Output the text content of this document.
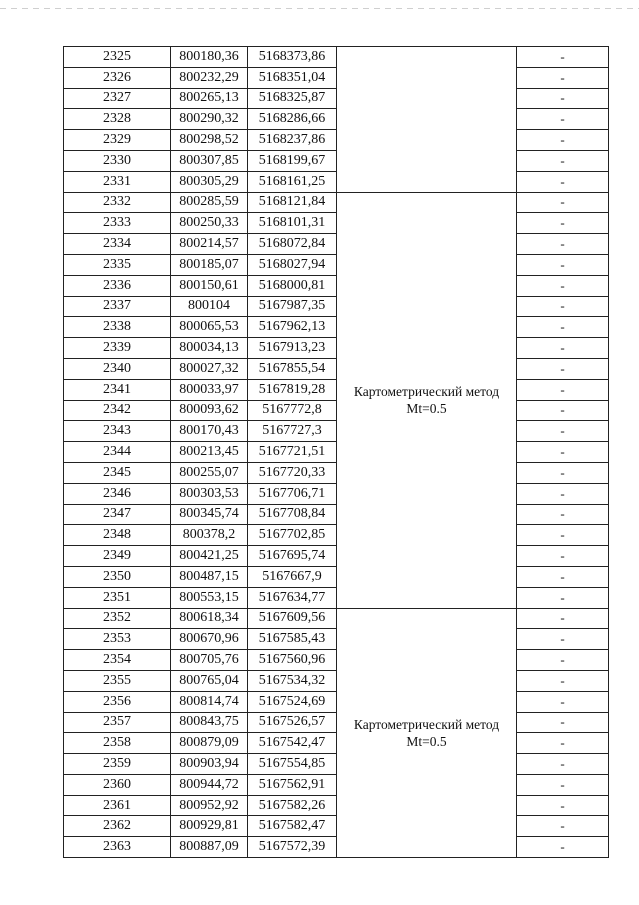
2325	800180,36	5168373,86		-
2326	800232,29	5168351,04		-
2327	800265,13	5168325,87		-
2328	800290,32	5168286,66		-
2329	800298,52	5168237,86		-
2330	800307,85	5168199,67		-
2331	800305,29	5168161,25		-
2332	800285,59	5168121,84	Картометрический метод
Mt=0.5	-
2333	800250,33	5168101,31		-
2334	800214,57	5168072,84		-
2335	800185,07	5168027,94		-
2336	800150,61	5168000,81		-
2337	800104	5167987,35		-
2338	800065,53	5167962,13		-
2339	800034,13	5167913,23		-
2340	800027,32	5167855,54		-
2341	800033,97	5167819,28		-
2342	800093,62	5167772,8		-
2343	800170,43	5167727,3		-
2344	800213,45	5167721,51		-
2345	800255,07	5167720,33		-
2346	800303,53	5167706,71		-
2347	800345,74	5167708,84		-
2348	800378,2	5167702,85		-
2349	800421,25	5167695,74		-
2350	800487,15	5167667,9		-
2351	800553,15	5167634,77		-
2352	800618,34	5167609,56	Картометрический метод
Mt=0.5	-
2353	800670,96	5167585,43		-
2354	800705,76	5167560,96		-
2355	800765,04	5167534,32		-
2356	800814,74	5167524,69		-
2357	800843,75	5167526,57		-
2358	800879,09	5167542,47		-
2359	800903,94	5167554,85		-
2360	800944,72	5167562,91		-
2361	800952,92	5167582,26		-
2362	800929,81	5167582,47		-
2363	800887,09	5167572,39		-
